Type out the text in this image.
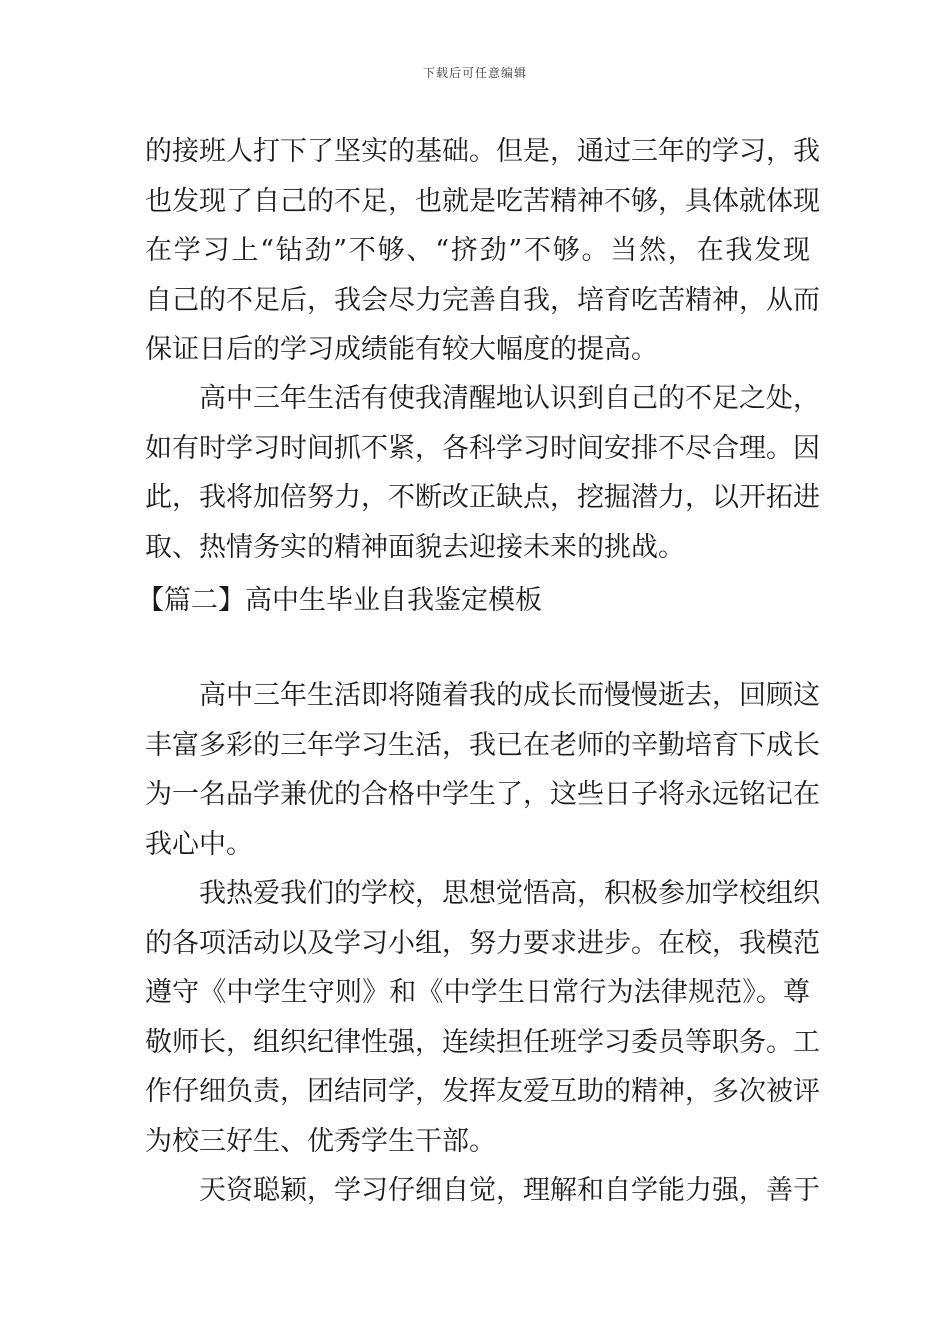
下载后可任意编辑
的接班人打下了坚实的基础。但是，通过三年的学习，我
也发现了自己的不足，也就是吃苦精神不够，具体就体现
在学习上“钻劲”不够、“挤劲”不够。当然，在我发现
自己的不足后，我会尽力完善自我，培育吃苦精神，从而
保证日后的学习成绩能有较大幅度的提高。
高中三年生活有使我清醒地认识到自己的不足之处，
如有时学习时间抓不紧，各科学习时间安排不尽合理。因
此，我将加倍努力，不断改正缺点，挖掘潜力，以开拓进
取、热情务实的精神面貌去迎接未来的挑战。
【篇二】高中生毕业自我鉴定模板
高中三年生活即将随着我的成长而慢慢逝去，回顾这
丰富多彩的三年学习生活，我已在老师的辛勤培育下成长
为一名品学兼优的合格中学生了，这些日子将永远铭记在
我心中。
我热爱我们的学校，思想觉悟高，积极参加学校组织
的各项活动以及学习小组，努力要求进步。在校，我模范
遵守《中学生守则》和《中学生日常行为法律规范》。尊
敬师长，组织纪律性强，连续担任班学习委员等职务。工
作仔细负责，团结同学，发挥友爱互助的精神，多次被评
为校三好生、优秀学生干部。
天资聪颖，学习仔细自觉，理解和自学能力强，善于
